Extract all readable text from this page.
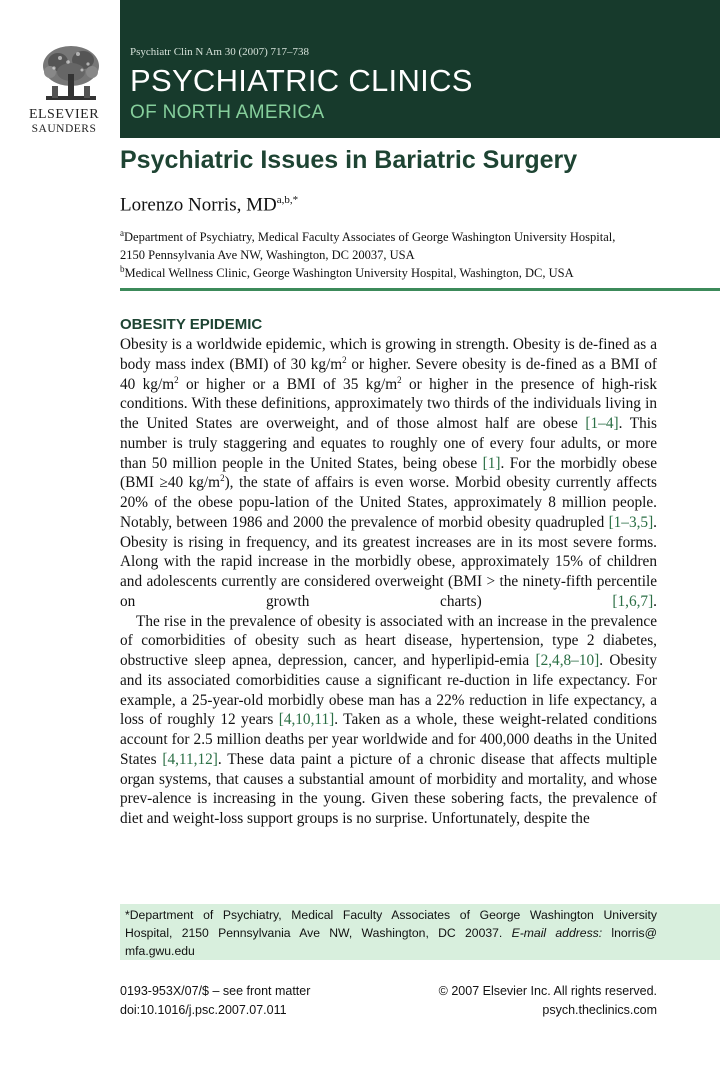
ELSEVIER
SAUNDERS
Psychiatr Clin N Am 30 (2007) 717–738
PSYCHIATRIC CLINICS
OF NORTH AMERICA
Psychiatric Issues in Bariatric Surgery
Lorenzo Norris, $MD^{a,b,*}$
$^a$Department of Psychiatry, Medical Faculty Associates of George Washington University Hospital,
2150 Pennsylvania Ave NW, Washington, DC 20037, USA
$^b$Medical Wellness Clinic, George Washington University Hospital, Washington, DC, USA
OBESITY EPIDEMIC

Obesity is a worldwide epidemic, which is growing in strength. Obesity is de-fined as a body mass index (BMI) of 30 $kg/m^2$ or higher. Severe obesity is de-fined as a BMI of 40 $kg/m^2$ or higher or a BMI of 35 $kg/m^2$ or higher in the presence of high-risk conditions. With these definitions, approximately two thirds of the individuals living in the United States are overweight, and of those almost half are obese [1–4]. This number is truly staggering and equates to roughly one of every four adults, or more than 50 million people in the United States, being obese [1]. For the morbidly obese (BMI ≥40 $kg/m^2$), the state of affairs is even worse. Morbid obesity currently affects 20% of the obese popu-lation of the United States, approximately 8 million people. Notably, between 1986 and 2000 the prevalence of morbid obesity quadrupled [1–3,5]. Obesity is rising in frequency, and its greatest increases are in its most severe forms. Along with the rapid increase in the morbidly obese, approximately 15% of children and adolescents currently are considered overweight (BMI > the ninety-fifth percentile on growth charts) [1,6,7].

The rise in the prevalence of obesity is associated with an increase in the prevalence of comorbidities of obesity such as heart disease, hypertension, type 2 diabetes, obstructive sleep apnea, depression, cancer, and hyperlipid-emia [2,4,8–10]. Obesity and its associated comorbidities cause a significant re-duction in life expectancy. For example, a 25-year-old morbidly obese man has a 22% reduction in life expectancy, a loss of roughly 12 years [4,10,11]. Taken as a whole, these weight-related conditions account for 2.5 million deaths per year worldwide and for 400,000 deaths in the United States [4,11,12]. These data paint a picture of a chronic disease that affects multiple organ systems, that causes a substantial amount of morbidity and mortality, and whose prev-alence is increasing in the young. Given these sobering facts, the prevalence of diet and weight-loss support groups is no surprise. Unfortunately, despite the

*Department of Psychiatry, Medical Faculty Associates of George Washington University
Hospital, 2150 Pennsylvania Ave NW, Washington, DC 20037. E-mail address: lnorris@
mfa.gwu.edu
0193-953X/07/$ – see front matter
doi:10.1016/j.psc.2007.07.011
© 2007 Elsevier Inc. All rights reserved.
psych.theclinics.com
